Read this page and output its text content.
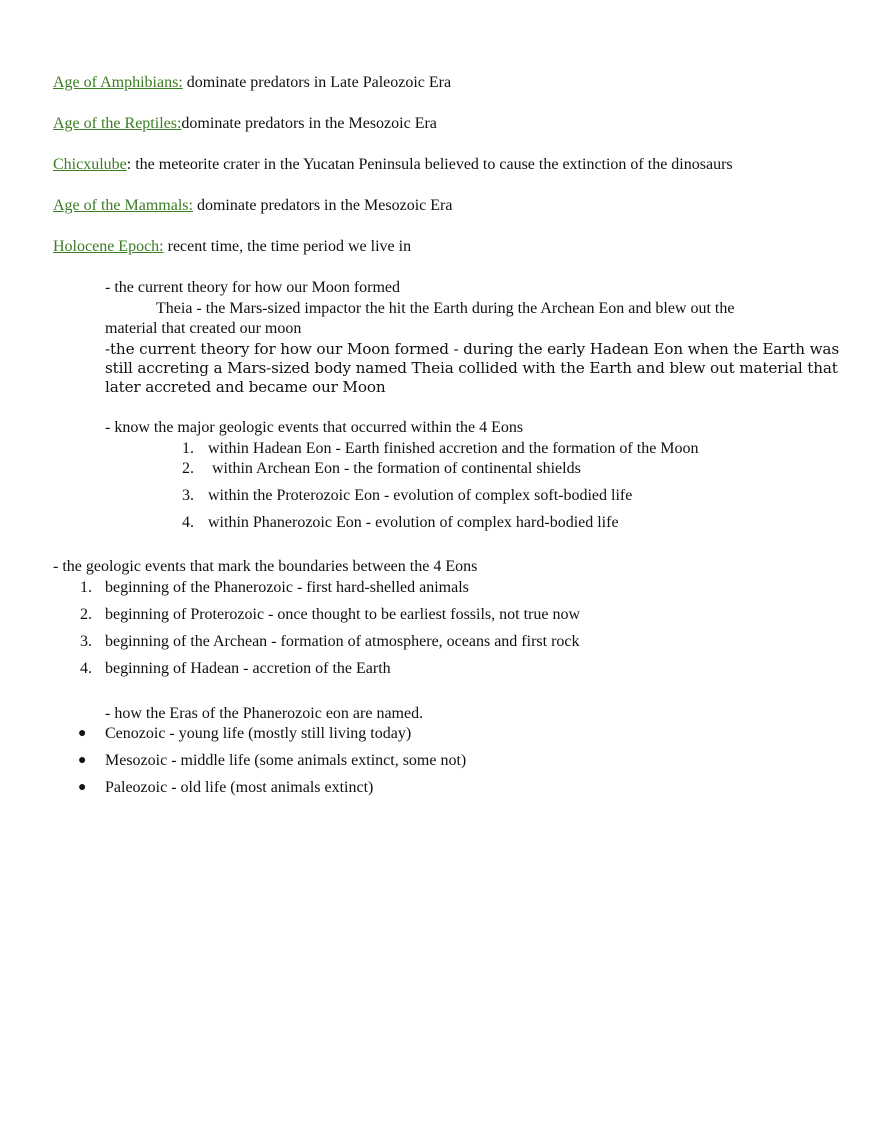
Age of Amphibians: dominate predators in Late Paleozoic Era
Age of the Reptiles:dominate predators in the Mesozoic Era
Chicxulube: the meteorite crater in the Yucatan Peninsula believed to cause the extinction of the dinosaurs
Age of the Mammals: dominate predators in the Mesozoic Era
Holocene Epoch: recent time, the time period we live in
- the current theory for how our Moon formed
Theia - the Mars-sized impactor the hit the Earth during the Archean Eon and blew out the
material that created our moon
-the current theory for how our Moon formed - during the early Hadean Eon when the Earth was
still accreting a Mars-sized body named Theia collided with the Earth and blew out material that
later accreted and became our Moon
- know the major geologic events that occurred within the 4 Eons
1. within Hadean Eon - Earth finished accretion and the formation of the Moon
2. within Archean Eon - the formation of continental shields
3. within the Proterozoic Eon - evolution of complex soft-bodied life
4. within Phanerozoic Eon - evolution of complex hard-bodied life
- the geologic events that mark the boundaries between the 4 Eons
1. beginning of the Phanerozoic - first hard-shelled animals
2. beginning of Proterozoic - once thought to be earliest fossils, not true now
3. beginning of the Archean - formation of atmosphere, oceans and first rock
4. beginning of Hadean - accretion of the Earth
- how the Eras of the Phanerozoic eon are named.
● Cenozoic - young life (mostly still living today)
● Mesozoic - middle life (some animals extinct, some not)
● Paleozoic - old life (most animals extinct)
